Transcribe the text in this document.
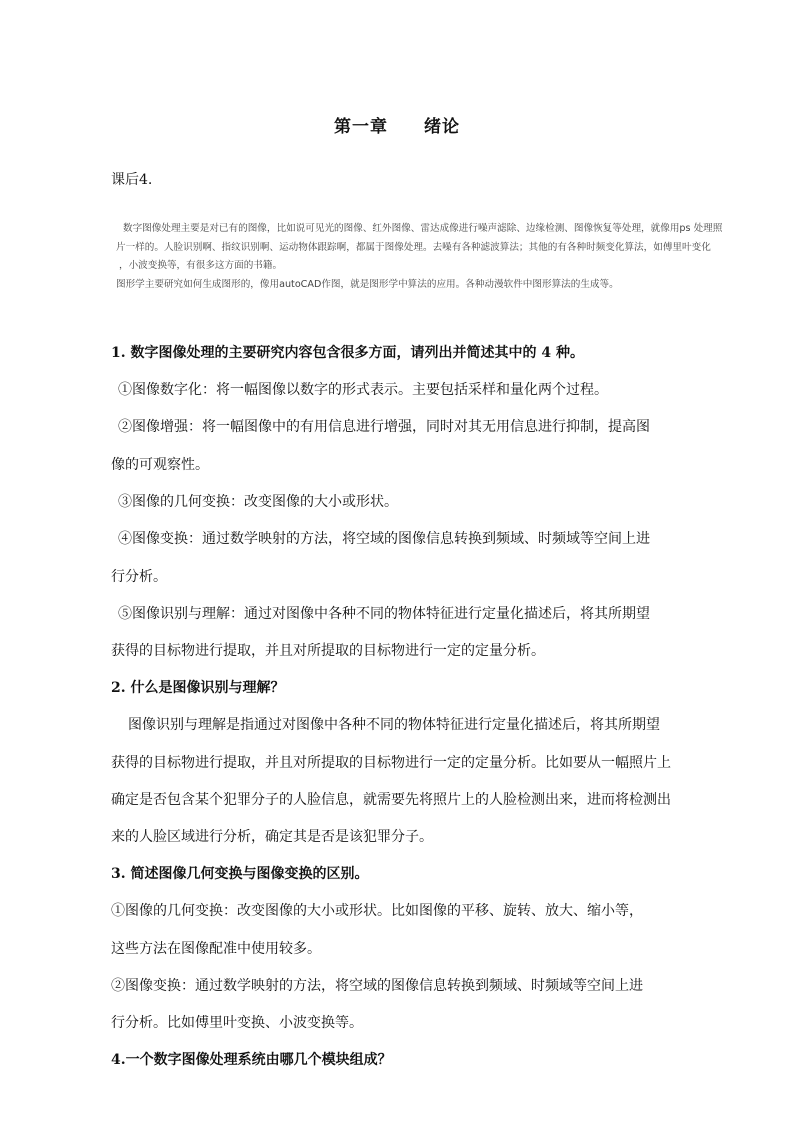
第一章 绪论
课后4.
数字图像处理主要是对已有的图像，比如说可见光的图像、红外图像、雷达成像进行噪声滤除、边缘检测、图像恢复等处理，就像用ps 处理照
片一样的。人脸识别啊、指纹识别啊、运动物体跟踪啊，都属于图像处理。去噪有各种滤波算法；其他的有各种时频变化算法，如傅里叶变化
，小波变换等，有很多这方面的书籍。
图形学主要研究如何生成图形的，像用autoCAD作图，就是图形学中算法的应用。各种动漫软件中图形算法的生成等。
1. 数字图像处理的主要研究内容包含很多方面，请列出并简述其中的 4 种。
①图像数字化：将一幅图像以数字的形式表示。主要包括采样和量化两个过程。
②图像增强：将一幅图像中的有用信息进行增强，同时对其无用信息进行抑制，提高图
像的可观察性。
③图像的几何变换：改变图像的大小或形状。
④图像变换：通过数学映射的方法，将空域的图像信息转换到频域、时频域等空间上进
行分析。
⑤图像识别与理解：通过对图像中各种不同的物体特征进行定量化描述后，将其所期望
获得的目标物进行提取，并且对所提取的目标物进行一定的定量分析。
2. 什么是图像识别与理解？
图像识别与理解是指通过对图像中各种不同的物体特征进行定量化描述后，将其所期望
获得的目标物进行提取，并且对所提取的目标物进行一定的定量分析。比如要从一幅照片上
确定是否包含某个犯罪分子的人脸信息，就需要先将照片上的人脸检测出来，进而将检测出
来的人脸区域进行分析，确定其是否是该犯罪分子。
3. 简述图像几何变换与图像变换的区别。
①图像的几何变换：改变图像的大小或形状。比如图像的平移、旋转、放大、缩小等，
这些方法在图像配准中使用较多。
②图像变换：通过数学映射的方法，将空域的图像信息转换到频域、时频域等空间上进
行分析。比如傅里叶变换、小波变换等。
4.一个数字图像处理系统由哪几个模块组成？
